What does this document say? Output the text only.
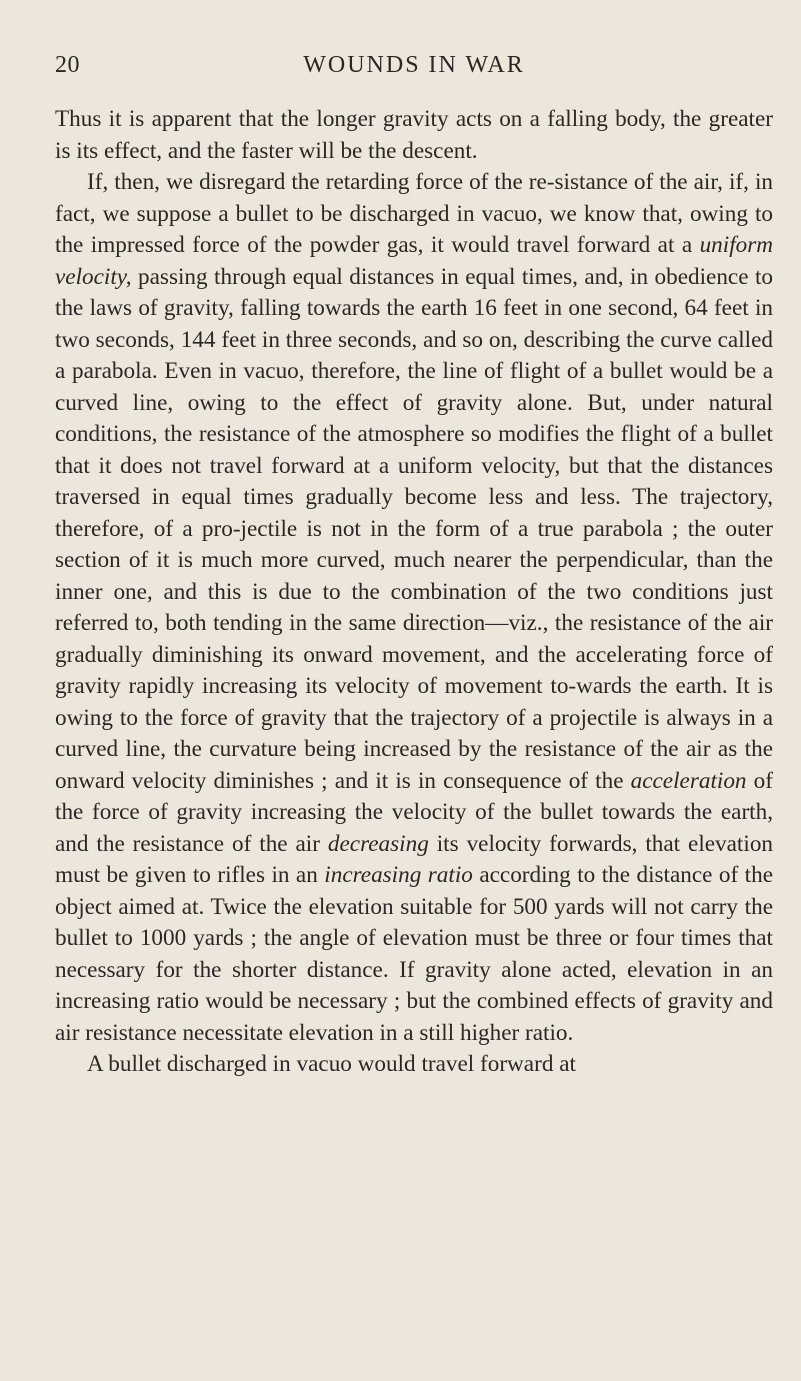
20	WOUNDS IN WAR

Thus it is apparent that the longer gravity acts on a falling body, the greater is its effect, and the faster will be the descent.

If, then, we disregard the retarding force of the re-sistance of the air, if, in fact, we suppose a bullet to be discharged in vacuo, we know that, owing to the impressed force of the powder gas, it would travel forward at a uniform velocity, passing through equal distances in equal times, and, in obedience to the laws of gravity, falling towards the earth 16 feet in one second, 64 feet in two seconds, 144 feet in three seconds, and so on, describing the curve called a parabola. Even in vacuo, therefore, the line of flight of a bullet would be a curved line, owing to the effect of gravity alone. But, under natural conditions, the resistance of the atmosphere so modifies the flight of a bullet that it does not travel forward at a uniform velocity, but that the distances traversed in equal times gradually become less and less. The trajectory, therefore, of a pro-jectile is not in the form of a true parabola ; the outer section of it is much more curved, much nearer the perpendicular, than the inner one, and this is due to the combination of the two conditions just referred to, both tending in the same direction—viz., the resistance of the air gradually diminishing its onward movement, and the accelerating force of gravity rapidly increasing its velocity of movement to-wards the earth. It is owing to the force of gravity that the trajectory of a projectile is always in a curved line, the curvature being increased by the resistance of the air as the onward velocity diminishes ; and it is in consequence of the acceleration of the force of gravity increasing the velocity of the bullet towards the earth, and the resistance of the air decreasing its velocity forwards, that elevation must be given to rifles in an increasing ratio according to the distance of the object aimed at. Twice the elevation suitable for 500 yards will not carry the bullet to 1000 yards ; the angle of elevation must be three or four times that necessary for the shorter distance. If gravity alone acted, elevation in an increasing ratio would be necessary ; but the combined effects of gravity and air resistance necessitate elevation in a still higher ratio.

A bullet discharged in vacuo would travel forward at
